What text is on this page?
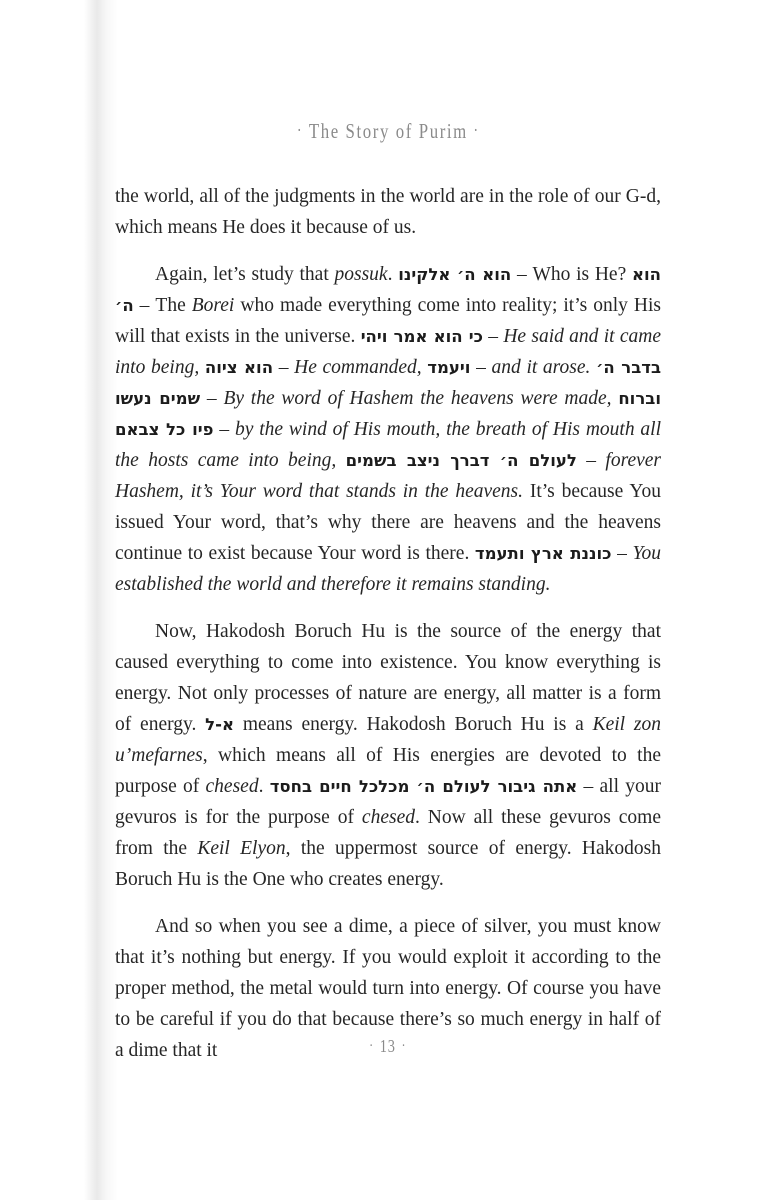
· The Story of Purim ·

the world, all of the judgments in the world are in the role of our G‑d, which means He does it because of us.

Again, let’s study that possuk. הוא ה׳ אלקינו – Who is He? הוא ה׳ – The Borei who made everything come into reality; it’s only His will that exists in the universe. כי הוא אמר ויהי – He said and it came into being, הוא ציוה – He commanded, ויעמד – and it arose. בדבר ה׳ שמים נעשו – By the word of Hashem the heavens were made, וברוח פיו כל צבאם – by the wind of His mouth, the breath of His mouth all the hosts came into being, לעולם ה׳ דברך ניצב בשמים – forever Hashem, it’s Your word that stands in the heavens. It’s because You issued Your word, that’s why there are heavens and the heavens continue to exist because Your word is there. כוננת ארץ ותעמד – You established the world and therefore it remains standing.

Now, Hakodosh Boruch Hu is the source of the energy that caused everything to come into existence. You know everything is energy. Not only processes of nature are energy, all matter is a form of energy. א-ל means energy. Hakodosh Boruch Hu is a Keil zon u’mefarnes, which means all of His energies are devoted to the purpose of chesed. אתה גיבור לעולם ה׳ מכלכל חיים בחסד – all your gevuros is for the purpose of chesed. Now all these gevuros come from the Keil Elyon, the uppermost source of energy. Hakodosh Boruch Hu is the One who creates energy.

And so when you see a dime, a piece of silver, you must know that it’s nothing but energy. If you would exploit it according to the proper method, the metal would turn into energy. Of course you have to be careful if you do that because there’s so much energy in half of a dime that it	· 13 ·
